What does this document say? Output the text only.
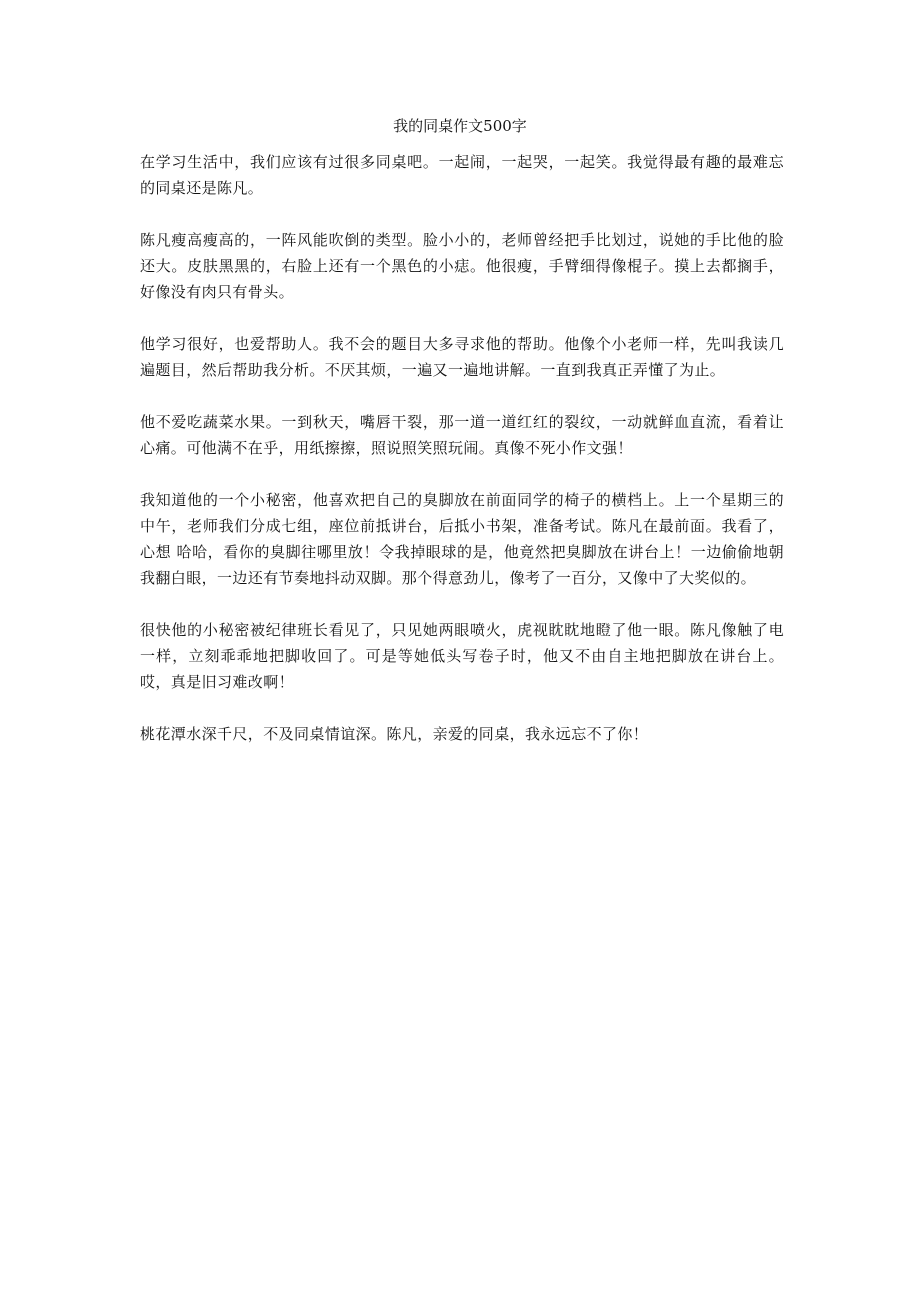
我的同桌作文500字

在学习生活中，我们应该有过很多同桌吧。一起闹，一起哭，一起笑。我觉得最有趣的最难忘的同桌还是陈凡。

陈凡瘦高瘦高的，一阵风能吹倒的类型。脸小小的，老师曾经把手比划过，说她的手比他的脸还大。皮肤黑黑的，右脸上还有一个黑色的小痣。他很瘦，手臂细得像棍子。摸上去都搁手，好像没有肉只有骨头。

他学习很好，也爱帮助人。我不会的题目大多寻求他的帮助。他像个小老师一样，先叫我读几遍题目，然后帮助我分析。不厌其烦，一遍又一遍地讲解。一直到我真正弄懂了为止。

他不爱吃蔬菜水果。一到秋天，嘴唇干裂，那一道一道红红的裂纹，一动就鲜血直流，看着让心痛。可他满不在乎，用纸擦擦，照说照笑照玩闹。真像不死小作文强！

我知道他的一个小秘密，他喜欢把自己的臭脚放在前面同学的椅子的横档上。上一个星期三的中午，老师我们分成七组，座位前抵讲台，后抵小书架，准备考试。陈凡在最前面。我看了，心想 哈哈，看你的臭脚往哪里放！令我掉眼球的是，他竟然把臭脚放在讲台上！一边偷偷地朝我翻白眼，一边还有节奏地抖动双脚。那个得意劲儿，像考了一百分，又像中了大奖似的。

很快他的小秘密被纪律班长看见了，只见她两眼喷火，虎视眈眈地瞪了他一眼。陈凡像触了电一样，立刻乖乖地把脚收回了。可是等她低头写卷子时，他又不由自主地把脚放在讲台上。哎，真是旧习难改啊！

桃花潭水深千尺，不及同桌情谊深。陈凡，亲爱的同桌，我永远忘不了你！
